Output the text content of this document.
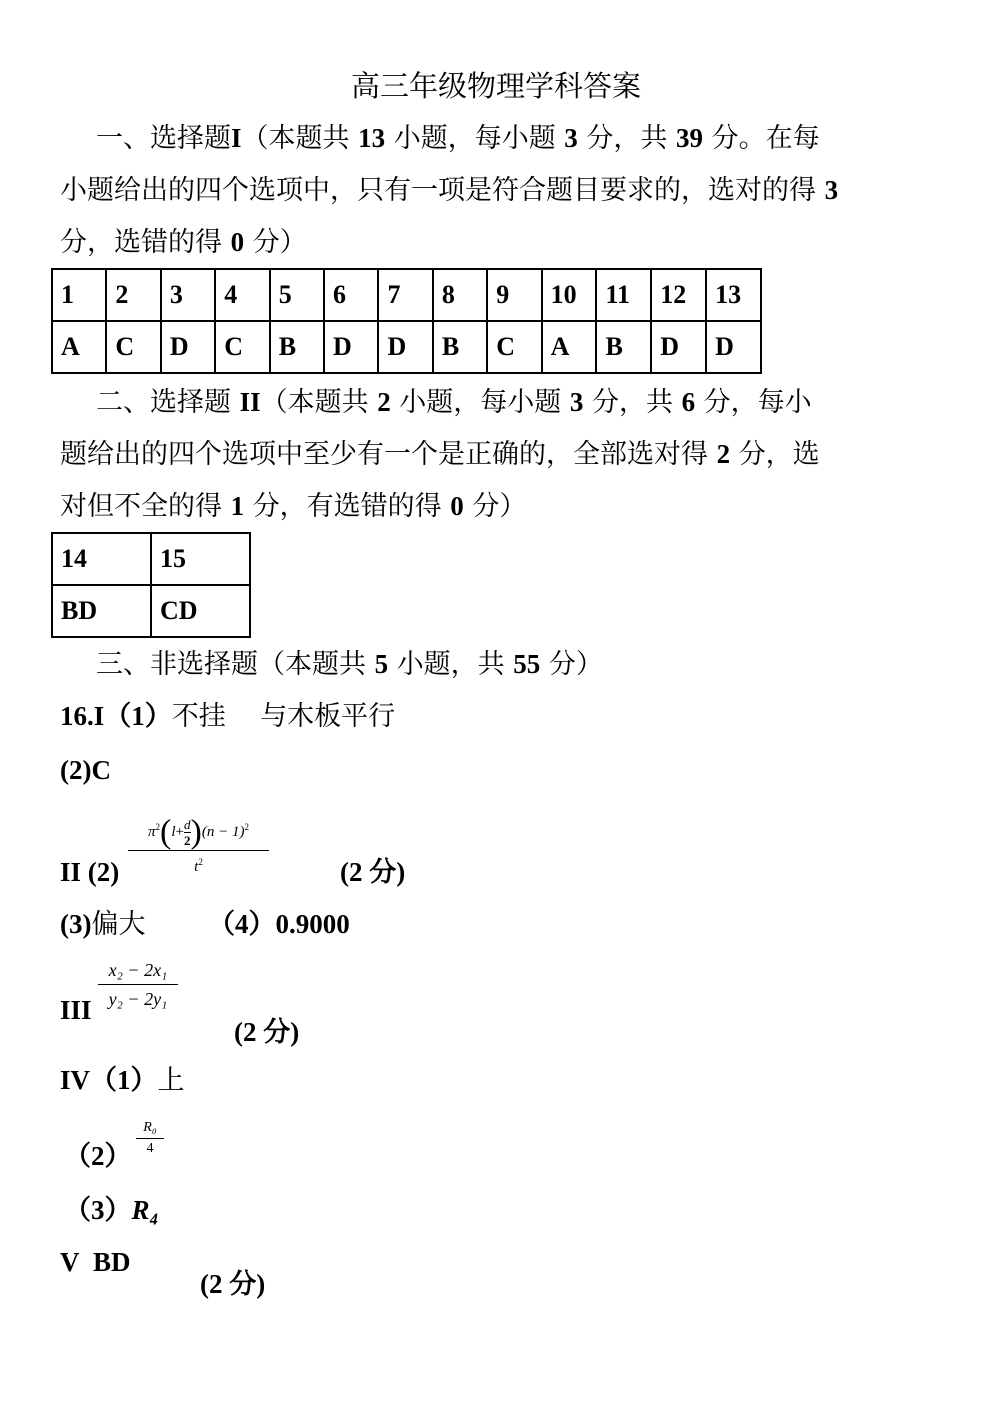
高三年级物理学科答案
一、选择题I（本题共 13 小题，每小题 3 分，共 39 分。在每
小题给出的四个选项中，只有一项是符合题目要求的，选对的得 3
分，选错的得 0 分）
1	2	3	4	5	6	7	8	9	10	11	12	13
A	C	D	C	B	D	D	B	C	A	B	D	D
二、选择题 II（本题共 2 小题，每小题 3 分，共 6 分，每小
题给出的四个选项中至少有一个是正确的，全部选对得 2 分，选
对但不全的得 1 分，有选错的得 0 分）
14	15
BD	CD
三、非选择题（本题共 5 小题，共 55 分）
16.I（1）不挂 与木板平行
(2)C
II $(2) \frac{\pi^2(l+ \frac{d}{2} )(n - 1)^2}{t^2}$	(2 分)
(3)偏大 （4）0.9000
III $\frac{\text{x₂ − 2x₁}}{\text{y₂ − 2y₁}}$
(2 分)
IV（1）上
$(2) \frac{\text{R₀}}{4}$
（3）R₄
V BD
(2 分)
